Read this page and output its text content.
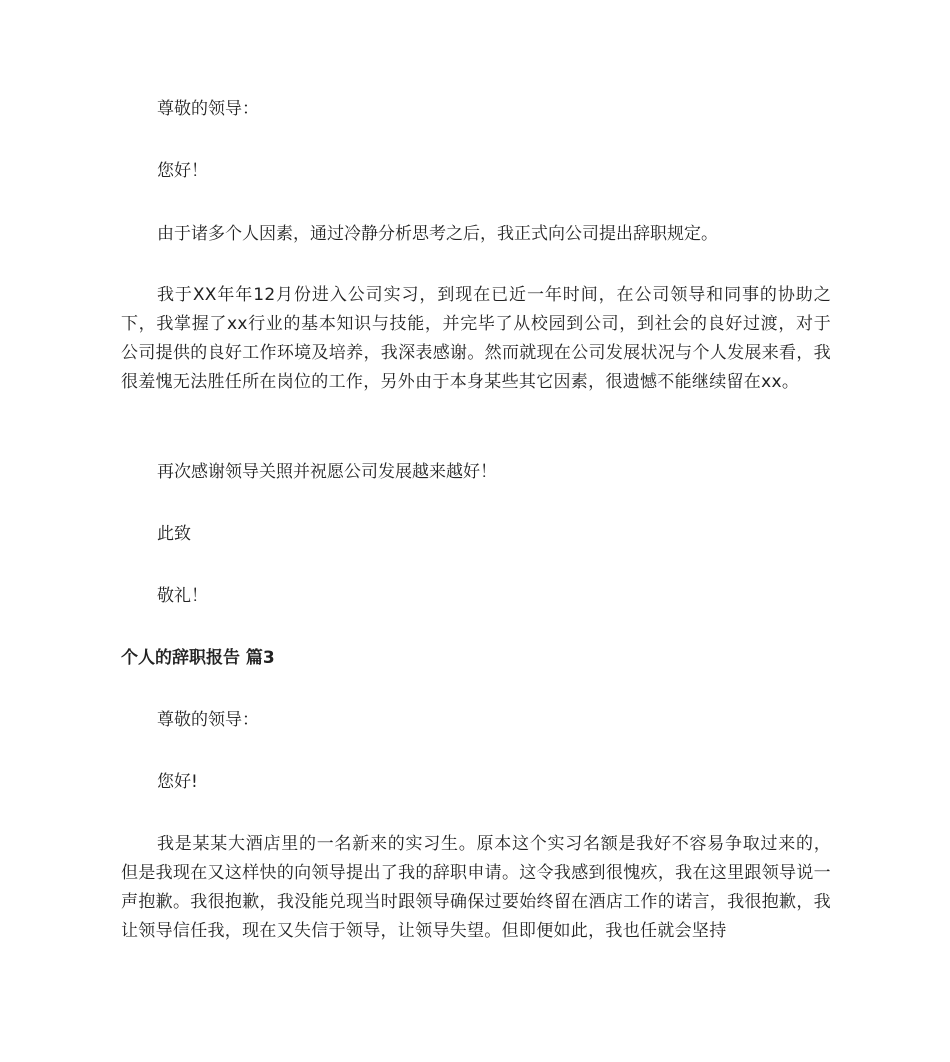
尊敬的领导：

您好！

由于诸多个人因素，通过冷静分析思考之后，我正式向公司提出辞职规定。

我于XX年年12月份进入公司实习，到现在已近一年时间，在公司领导和同事的协助之下，我掌握了xx行业的基本知识与技能，并完毕了从校园到公司，到社会的良好过渡，对于公司提供的良好工作环境及培养，我深表感谢。然而就现在公司发展状况与个人发展来看，我很羞愧无法胜任所在岗位的工作，另外由于本身某些其它因素，很遗憾不能继续留在xx。

再次感谢领导关照并祝愿公司发展越来越好！

此致

敬礼！

个人的辞职报告 篇3

尊敬的领导：

您好!

我是某某大酒店里的一名新来的实习生。原本这个实习名额是我好不容易争取过来的，但是我现在又这样快的向领导提出了我的辞职申请。这令我感到很愧疚，我在这里跟领导说一声抱歉。我很抱歉，我没能兑现当时跟领导确保过要始终留在酒店工作的诺言，我很抱歉，我让领导信任我，现在又失信于领导，让领导失望。但即便如此，我也任就会坚持
